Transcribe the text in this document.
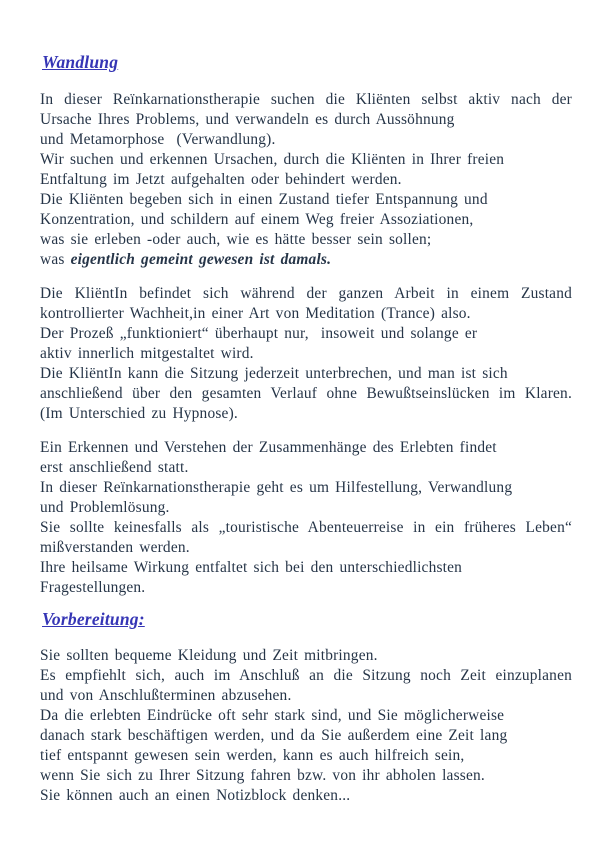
Wandlung
In dieser Reïnkarnationstherapie suchen die Kliënten selbst aktiv nach der
Ursache Ihres Problems, und verwandeln es durch Aussöhnung
und Metamorphose  (Verwandlung).
Wir suchen und erkennen Ursachen, durch die Kliënten in Ihrer freien
Entfaltung im Jetzt aufgehalten oder behindert werden.
Die Kliënten begeben sich in einen Zustand tiefer Entspannung und
Konzentration, und schildern auf einem Weg freier Assoziationen,
was sie erleben -oder auch, wie es hätte besser sein sollen;
was eigentlich gemeint gewesen ist damals.
Die KliëntIn befindet sich während der ganzen Arbeit in einem Zustand
kontrollierter Wachheit,in einer Art von Meditation (Trance) also.
Der Prozeß „funktioniert“ überhaupt nur,  insoweit und solange er
aktiv innerlich mitgestaltet wird.
Die KliëntIn kann die Sitzung jederzeit unterbrechen, und man ist sich
anschließend über den gesamten Verlauf ohne Bewußtseinslücken im Klaren.
(Im Unterschied zu Hypnose).
Ein Erkennen und Verstehen der Zusammenhänge des Erlebten findet
erst anschließend statt.
In dieser Reïnkarnationstherapie geht es um Hilfestellung, Verwandlung
und Problemlösung.
Sie sollte keinesfalls als „touristische Abenteuerreise in ein früheres Leben“
mißverstanden werden.
Ihre heilsame Wirkung entfaltet sich bei den unterschiedlichsten
Fragestellungen.
Vorbereitung:
Sie sollten bequeme Kleidung und Zeit mitbringen.
Es empfiehlt sich, auch im Anschluß an die Sitzung noch Zeit einzuplanen
und von Anschlußterminen abzusehen.
Da die erlebten Eindrücke oft sehr stark sind, und Sie möglicherweise
danach stark beschäftigen werden, und da Sie außerdem eine Zeit lang
tief entspannt gewesen sein werden, kann es auch hilfreich sein,
wenn Sie sich zu Ihrer Sitzung fahren bzw. von ihr abholen lassen.
Sie können auch an einen Notizblock denken...
